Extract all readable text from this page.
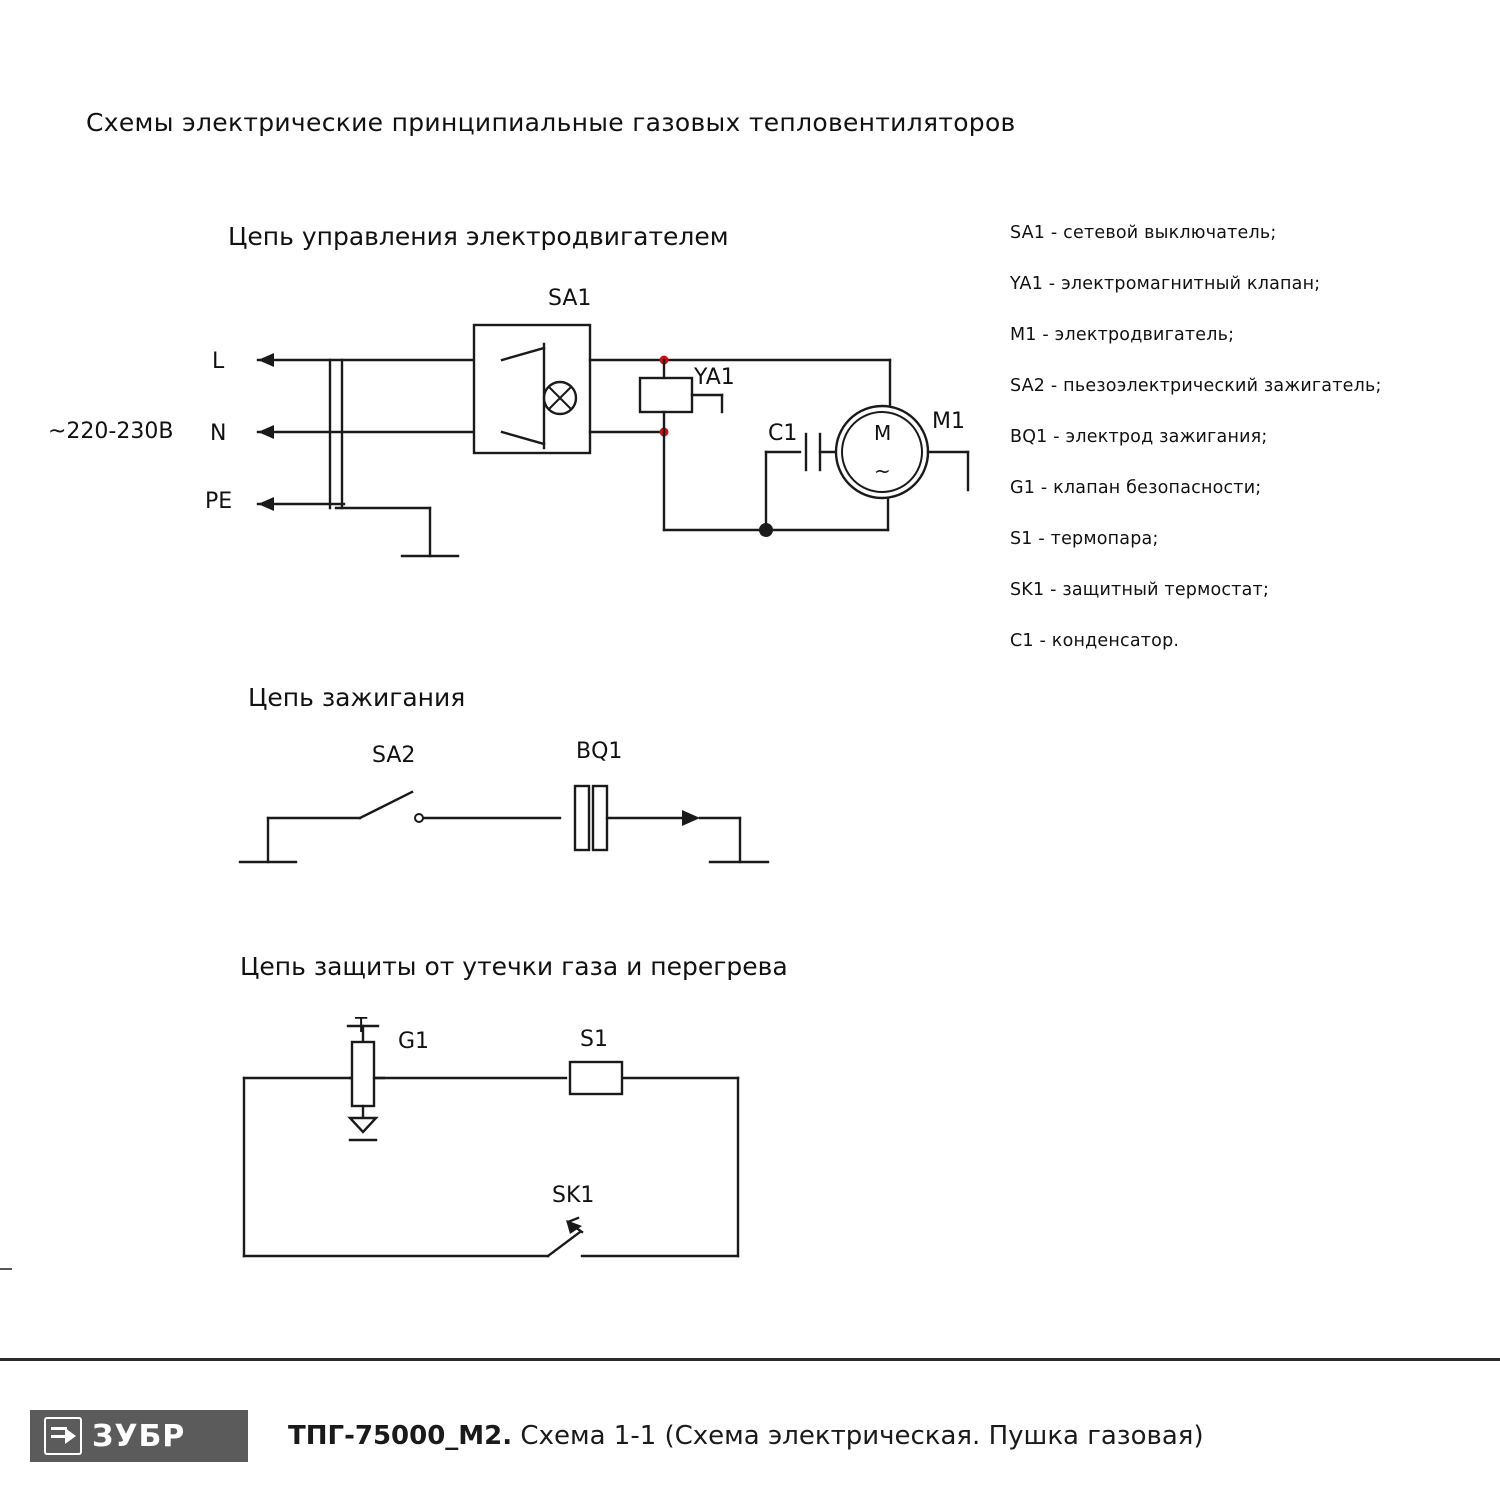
Схемы электрические принципиальные газовых тепловентиляторов
Цепь управления электродвигателем
Цепь зажигания
Цепь защиты от утечки газа и перегрева
SA1 - сетевой выключатель;
YA1 - электромагнитный клапан;
M1 - электродвигатель;
SA2 - пьезоэлектрический зажигатель;
BQ1 - электрод зажигания;
G1 - клапан безопасности;
S1 - термопара;
SK1 - защитный термостат;
C1 - конденсатор.
~220-230В
L
N
PE
SA1
YA1
C1	M1
M
~
SA2	BQ1
G1	S1
SK1
T
ЗУБР	ТПГ-75000_М2. Схема 1-1 (Схема электрическая. Пушка газовая)
